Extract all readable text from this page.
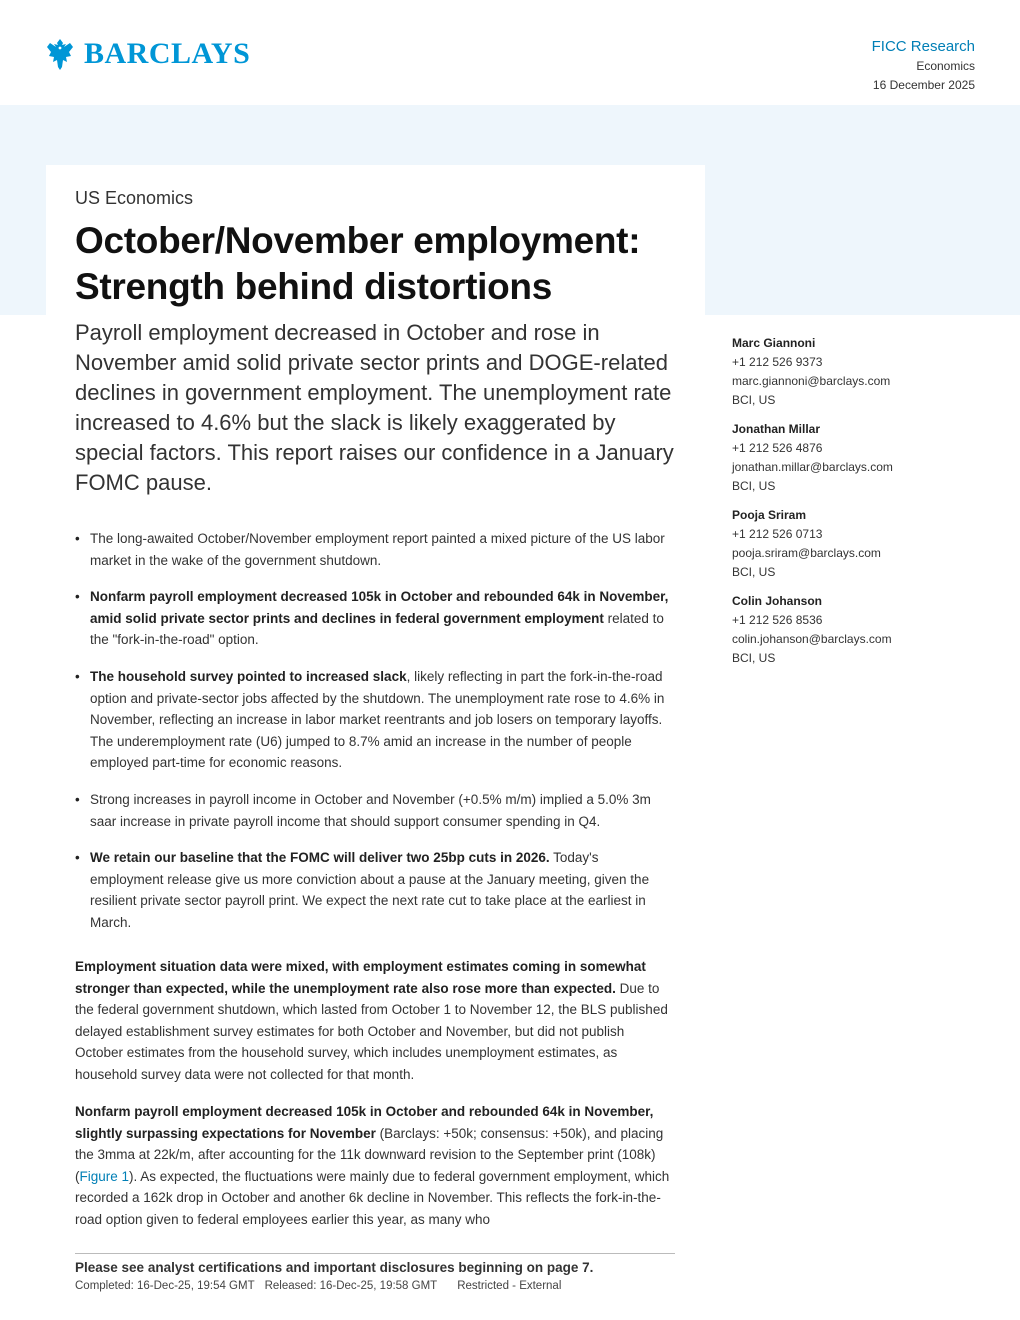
BARCLAYS	FICC Research
Economics
16 December 2025
US Economics
October/November employment:
Strength behind distortions
Payroll employment decreased in October and rose in November amid solid private sector prints and DOGE-related declines in government employment. The unemployment rate increased to 4.6% but the slack is likely exaggerated by special factors. This report raises our confidence in a January FOMC pause.
Marc Giannoni
+1 212 526 9373
marc.giannoni@barclays.com
BCI, US
Jonathan Millar
+1 212 526 4876
jonathan.millar@barclays.com
BCI, US
Pooja Sriram
+1 212 526 0713
pooja.sriram@barclays.com
BCI, US
Colin Johanson
+1 212 526 8536
colin.johanson@barclays.com
BCI, US
• The long-awaited October/November employment report painted a mixed picture of the US labor market in the wake of the government shutdown.
• Nonfarm payroll employment decreased 105k in October and rebounded 64k in November, amid solid private sector prints and declines in federal government employment related to the "fork-in-the-road" option.
• The household survey pointed to increased slack, likely reflecting in part the fork-in-the-road option and private-sector jobs affected by the shutdown. The unemployment rate rose to 4.6% in November, reflecting an increase in labor market reentrants and job losers on temporary layoffs. The underemployment rate (U6) jumped to 8.7% amid an increase in the number of people employed part-time for economic reasons.
• Strong increases in payroll income in October and November (+0.5% m/m) implied a 5.0% 3m saar increase in private payroll income that should support consumer spending in Q4.
• We retain our baseline that the FOMC will deliver two 25bp cuts in 2026. Today's employment release give us more conviction about a pause at the January meeting, given the resilient private sector payroll print. We expect the next rate cut to take place at the earliest in March.

Employment situation data were mixed, with employment estimates coming in somewhat stronger than expected, while the unemployment rate also rose more than expected. Due to the federal government shutdown, which lasted from October 1 to November 12, the BLS published delayed establishment survey estimates for both October and November, but did not publish October estimates from the household survey, which includes unemployment estimates, as household survey data were not collected for that month.

Nonfarm payroll employment decreased 105k in October and rebounded 64k in November, slightly surpassing expectations for November (Barclays: +50k; consensus: +50k), and placing the 3mma at 22k/m, after accounting for the 11k downward revision to the September print (108k) (Figure 1). As expected, the fluctuations were mainly due to federal government employment, which recorded a 162k drop in October and another 6k decline in November. This reflects the fork-in-the-road option given to federal employees earlier this year, as many who

Please see analyst certifications and important disclosures beginning on page 7.
Completed: 16-Dec-25, 19:54 GMT Released: 16-Dec-25, 19:58 GMT Restricted - External
